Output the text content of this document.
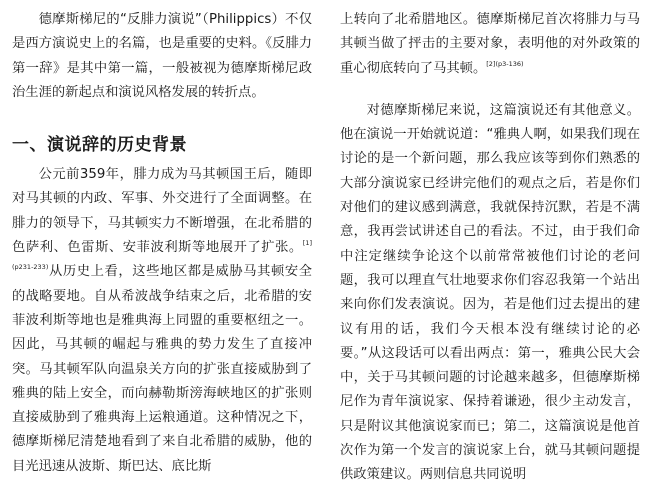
德摩斯梯尼的“反腓力演说”（Philippics）不仅是西方演说史上的名篇，也是重要的史料。《反腓力第一辞》是其中第一篇，一般被视为德摩斯梯尼政治生涯的新起点和演说风格发展的转折点。

一、演说辞的历史背景

公元前359年，腓力成为马其顿国王后，随即对马其顿的内政、军事、外交进行了全面调整。在腓力的领导下，马其顿实力不断增强，在北希腊的色萨利、色雷斯、安菲波利斯等地展开了扩张。$^{[1](p231-233)}$从历史上看，这些地区都是威胁马其顿安全的战略要地。自从希波战争结束之后，北希腊的安菲波利斯等地也是雅典海上同盟的重要枢纽之一。因此，马其顿的崛起与雅典的势力发生了直接冲突。马其顿军队向温泉关方向的扩张直接威胁到了雅典的陆上安全，而向赫勒斯滂海峡地区的扩张则直接威胁到了雅典海上运粮通道。这种情况之下，德摩斯梯尼清楚地看到了来自北希腊的威胁，他的目光迅速从波斯、斯巴达、底比斯

上转向了北希腊地区。德摩斯梯尼首次将腓力与马其顿当做了抨击的主要对象，表明他的对外政策的重心彻底转向了马其顿。$^{[2](p3-136)}$

对德摩斯梯尼来说，这篇演说还有其他意义。他在演说一开始就说道：“雅典人啊，如果我们现在讨论的是一个新问题，那么我应该等到你们熟悉的大部分演说家已经讲完他们的观点之后，若是你们对他们的建议感到满意，我就保持沉默，若是不满意，我再尝试讲述自己的看法。不过，由于我们命中注定继续争论这个以前常常被他们讨论的老问题，我可以理直气壮地要求你们容忍我第一个站出来向你们发表演说。因为，若是他们过去提出的建议有用的话，我们今天根本没有继续讨论的必要。”从这段话可以看出两点：第一，雅典公民大会中，关于马其顿问题的讨论越来越多，但德摩斯梯尼作为青年演说家、保持着谦逊，很少主动发言，只是附议其他演说家而已；第二，这篇演说是他首次作为第一个发言的演说家上台，就马其顿问题提供政策建议。两则信息共同说明
